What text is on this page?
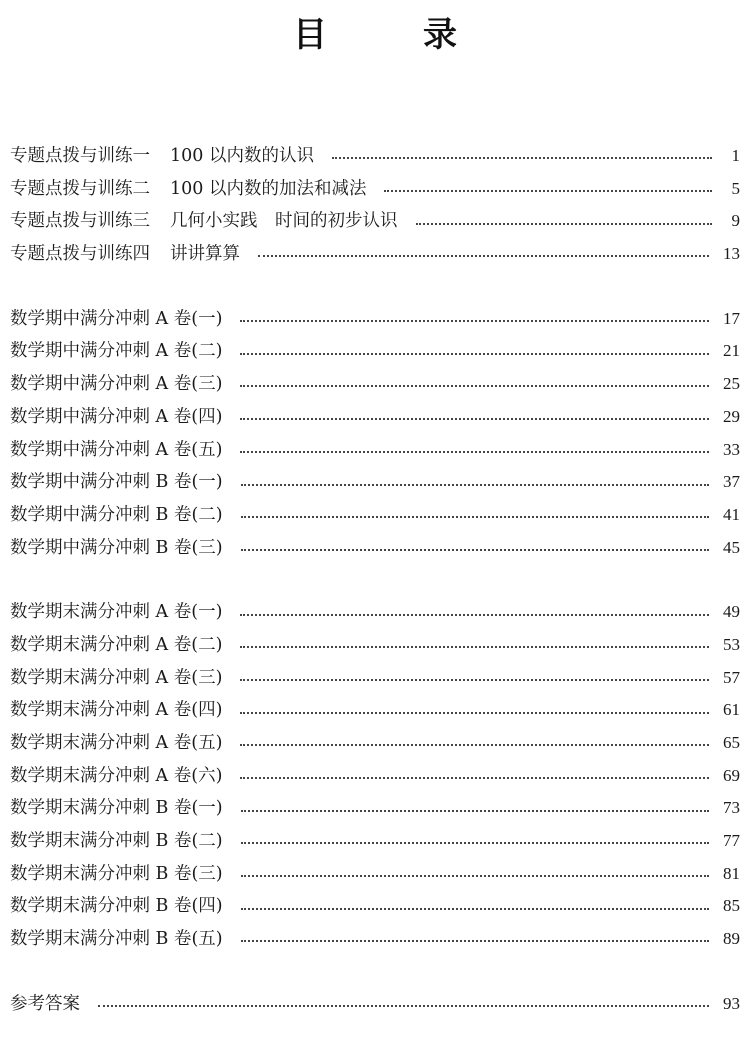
目	录
专题点拨与训练一 100 以内数的认识	1
专题点拨与训练二 100 以内数的加法和减法	5
专题点拨与训练三 几何小实践　时间的初步认识	9
专题点拨与训练四 讲讲算算	13
数学期中满分冲刺 A 卷(一)	17
数学期中满分冲刺 A 卷(二)	21
数学期中满分冲刺 A 卷(三)	25
数学期中满分冲刺 A 卷(四)	29
数学期中满分冲刺 A 卷(五)	33
数学期中满分冲刺 B 卷(一)	37
数学期中满分冲刺 B 卷(二)	41
数学期中满分冲刺 B 卷(三)	45
数学期末满分冲刺 A 卷(一)	49
数学期末满分冲刺 A 卷(二)	53
数学期末满分冲刺 A 卷(三)	57
数学期末满分冲刺 A 卷(四)	61
数学期末满分冲刺 A 卷(五)	65
数学期末满分冲刺 A 卷(六)	69
数学期末满分冲刺 B 卷(一)	73
数学期末满分冲刺 B 卷(二)	77
数学期末满分冲刺 B 卷(三)	81
数学期末满分冲刺 B 卷(四)	85
数学期末满分冲刺 B 卷(五)	89
参考答案	93
